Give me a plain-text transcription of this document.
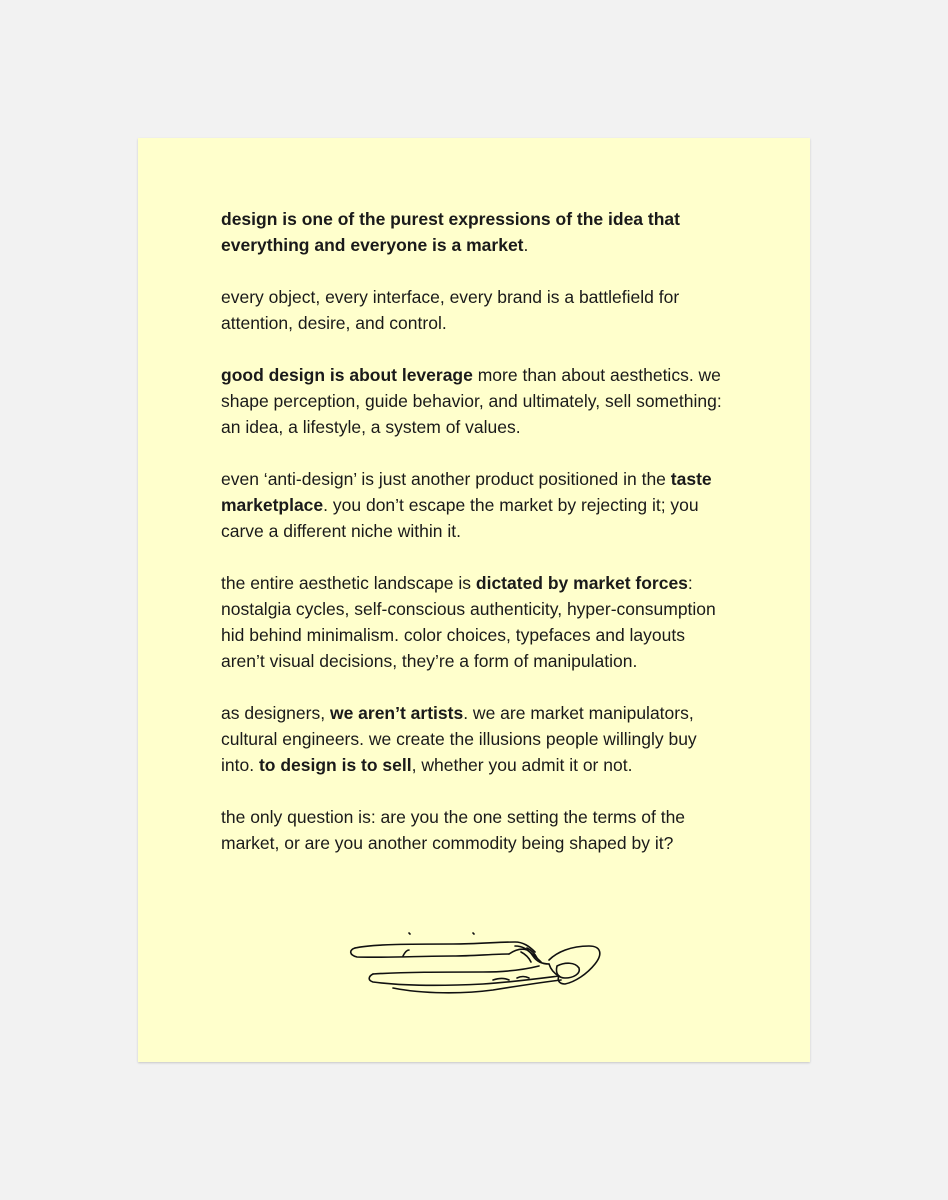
design is one of the purest expressions of the idea that everything and everyone is a market.

every object, every interface, every brand is a battlefield for attention, desire, and control.

good design is about leverage more than about aesthetics. we shape perception, guide behavior, and ultimately, sell something: an idea, a lifestyle, a system of values.

even ‘anti-design’ is just another product positioned in the taste marketplace. you don’t escape the market by rejecting it; you carve a different niche within it.

the entire aesthetic landscape is dictated by market forces: nostalgia cycles, self-conscious authenticity, hyper-consumption hid behind minimalism. color choices, typefaces and layouts aren’t visual decisions, they’re a form of manipulation.

as designers, we aren’t artists. we are market manipulators, cultural engineers. we create the illusions people willingly buy into. to design is to sell, whether you admit it or not.

the only question is: are you the one setting the terms of the market, or are you another commodity being shaped by it?
